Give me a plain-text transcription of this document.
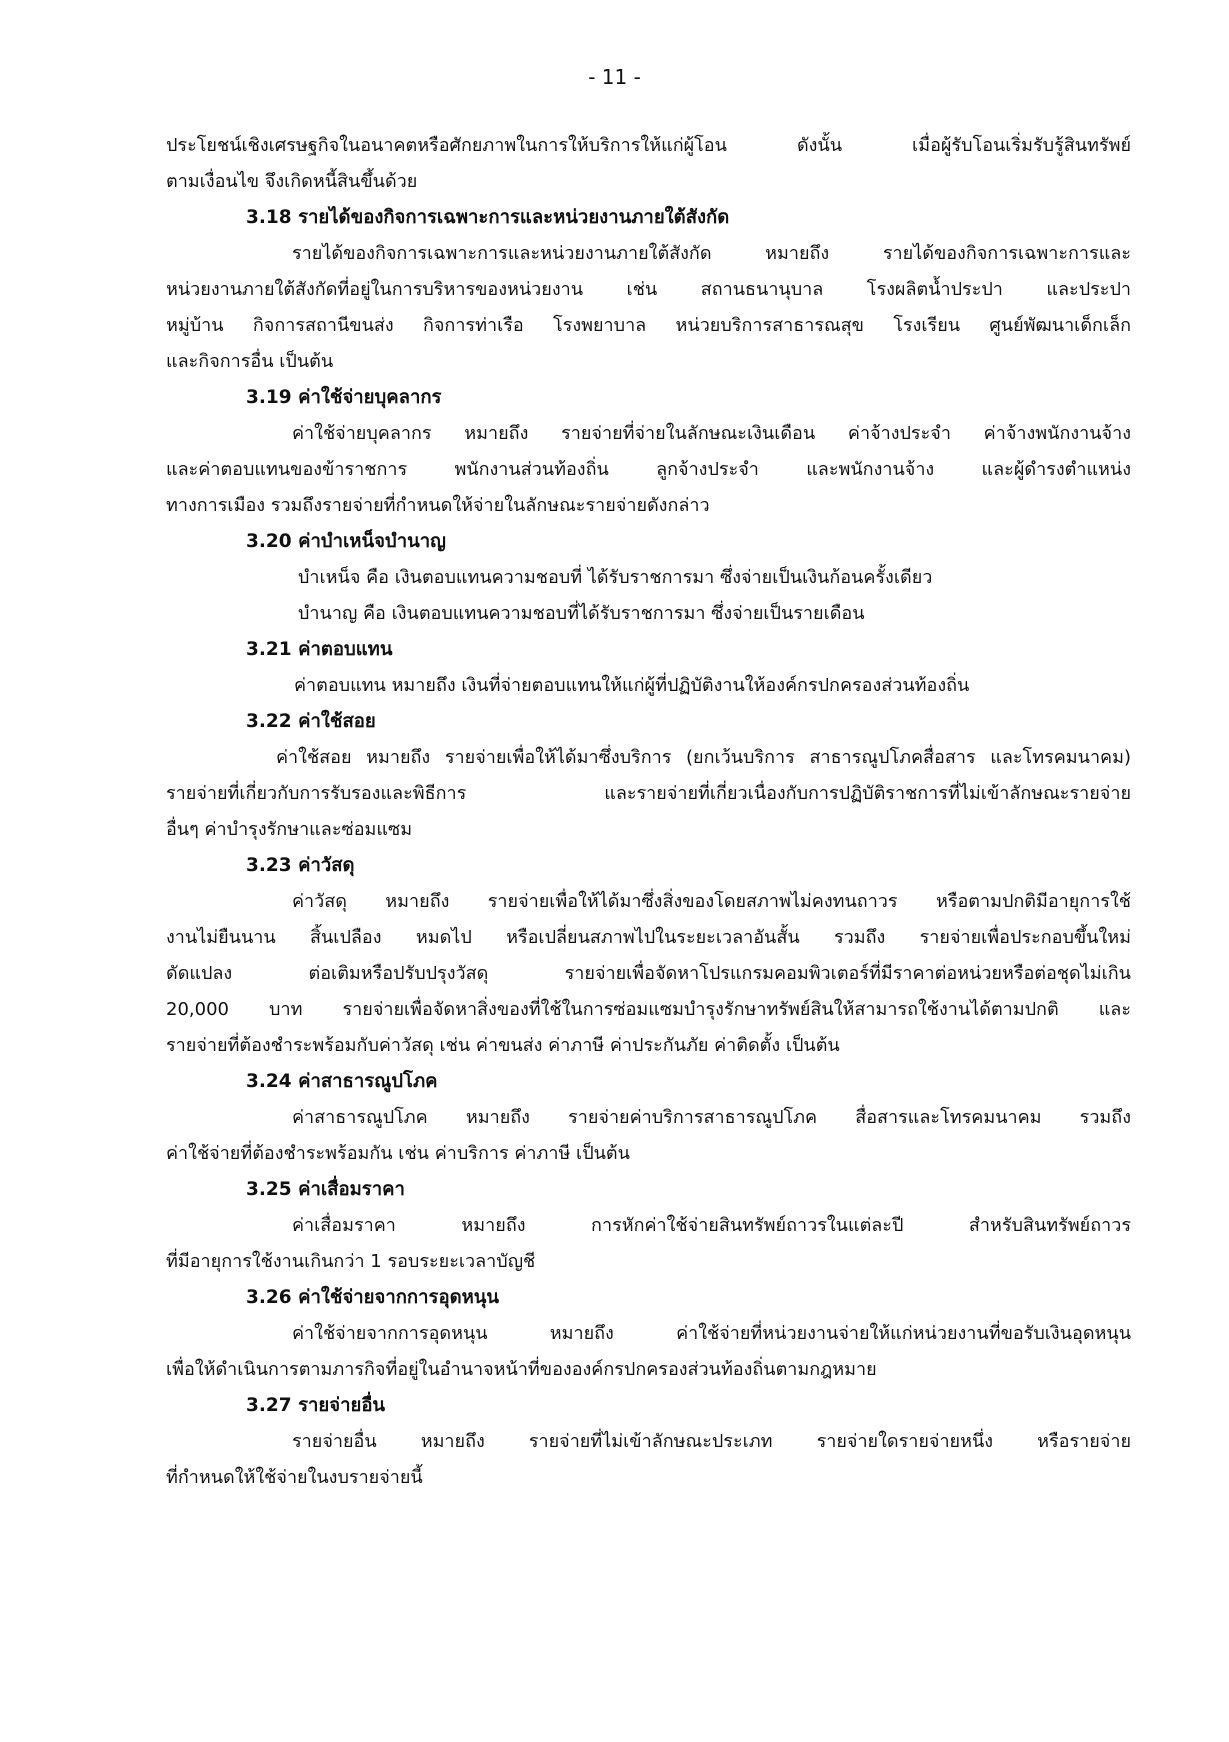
- 11 -
ประโยชน์เชิงเศรษฐกิจในอนาคตหรือศักยภาพในการให้บริการให้แก่ผู้โอน ดังนั้น เมื่อผู้รับโอนเริ่มรับรู้สินทรัพย์
ตามเงื่อนไข จึงเกิดหนี้สินขึ้นด้วย
3.18 รายได้ของกิจการเฉพาะการและหน่วยงานภายใต้สังกัด
รายได้ของกิจการเฉพาะการและหน่วยงานภายใต้สังกัด หมายถึง รายได้ของกิจการเฉพาะการและ
หน่วยงานภายใต้สังกัดที่อยู่ในการบริหารของหน่วยงาน เช่น สถานธนานุบาล โรงผลิตน้ำประปา และประปา
หมู่บ้าน กิจการสถานีขนส่ง กิจการท่าเรือ โรงพยาบาล หน่วยบริการสาธารณสุข โรงเรียน ศูนย์พัฒนาเด็กเล็ก
และกิจการอื่น เป็นต้น
3.19 ค่าใช้จ่ายบุคลากร
ค่าใช้จ่ายบุคลากร หมายถึง รายจ่ายที่จ่ายในลักษณะเงินเดือน ค่าจ้างประจำ ค่าจ้างพนักงานจ้าง
และค่าตอบแทนของข้าราชการ พนักงานส่วนท้องถิ่น ลูกจ้างประจำ และพนักงานจ้าง และผู้ดำรงตำแหน่ง
ทางการเมือง รวมถึงรายจ่ายที่กำหนดให้จ่ายในลักษณะรายจ่ายดังกล่าว
3.20 ค่าบำเหน็จบำนาญ
บำเหน็จ คือ เงินตอบแทนความชอบที่ ได้รับราชการมา ซึ่งจ่ายเป็นเงินก้อนครั้งเดียว
บำนาญ คือ เงินตอบแทนความชอบที่ได้รับราชการมา ซึ่งจ่ายเป็นรายเดือน
3.21 ค่าตอบแทน
ค่าตอบแทน หมายถึง เงินที่จ่ายตอบแทนให้แก่ผู้ที่ปฏิบัติงานให้องค์กรปกครองส่วนท้องถิ่น
3.22 ค่าใช้สอย
ค่าใช้สอย หมายถึง รายจ่ายเพื่อให้ได้มาซึ่งบริการ (ยกเว้นบริการ สาธารณูปโภคสื่อสาร และโทรคมนาคม)
รายจ่ายที่เกี่ยวกับการรับรองและพิธีการ และรายจ่ายที่เกี่ยวเนื่องกับการปฏิบัติราชการที่ไม่เข้าลักษณะรายจ่าย
อื่นๆ ค่าบำรุงรักษาและซ่อมแซม
3.23 ค่าวัสดุ
ค่าวัสดุ หมายถึง รายจ่ายเพื่อให้ได้มาซึ่งสิ่งของโดยสภาพไม่คงทนถาวร หรือตามปกติมีอายุการใช้
งานไม่ยืนนาน สิ้นเปลือง หมดไป หรือเปลี่ยนสภาพไปในระยะเวลาอันสั้น รวมถึง รายจ่ายเพื่อประกอบขึ้นใหม่
ดัดแปลง ต่อเติมหรือปรับปรุงวัสดุ รายจ่ายเพื่อจัดหาโปรแกรมคอมพิวเตอร์ที่มีราคาต่อหน่วยหรือต่อชุดไม่เกิน
20,000 บาท รายจ่ายเพื่อจัดหาสิ่งของที่ใช้ในการซ่อมแซมบำรุงรักษาทรัพย์สินให้สามารถใช้งานได้ตามปกติ และ
รายจ่ายที่ต้องชำระพร้อมกับค่าวัสดุ เช่น ค่าขนส่ง ค่าภาษี ค่าประกันภัย ค่าติดตั้ง เป็นต้น
3.24 ค่าสาธารณูปโภค
ค่าสาธารณูปโภค หมายถึง รายจ่ายค่าบริการสาธารณูปโภค สื่อสารและโทรคมนาคม รวมถึง
ค่าใช้จ่ายที่ต้องชำระพร้อมกัน เช่น ค่าบริการ ค่าภาษี เป็นต้น
3.25 ค่าเสื่อมราคา
ค่าเสื่อมราคา หมายถึง การหักค่าใช้จ่ายสินทรัพย์ถาวรในแต่ละปี สำหรับสินทรัพย์ถาวร
ที่มีอายุการใช้งานเกินกว่า 1 รอบระยะเวลาบัญชี
3.26 ค่าใช้จ่ายจากการอุดหนุน
ค่าใช้จ่ายจากการอุดหนุน หมายถึง ค่าใช้จ่ายที่หน่วยงานจ่ายให้แก่หน่วยงานที่ขอรับเงินอุดหนุน
เพื่อให้ดำเนินการตามภารกิจที่อยู่ในอำนาจหน้าที่ขององค์กรปกครองส่วนท้องถิ่นตามกฎหมาย
3.27 รายจ่ายอื่น
รายจ่ายอื่น หมายถึง รายจ่ายที่ไม่เข้าลักษณะประเภท รายจ่ายใดรายจ่ายหนึ่ง หรือรายจ่าย
ที่กำหนดให้ใช้จ่ายในงบรายจ่ายนี้
